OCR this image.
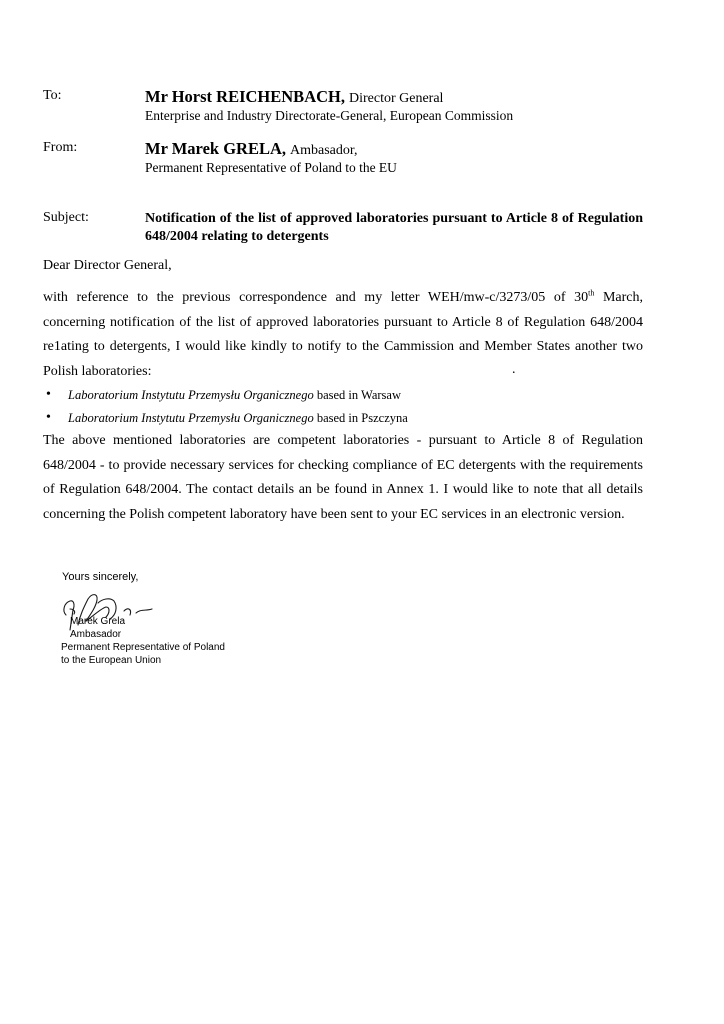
To:	Mr Horst REICHENBACH, Director General
Enterprise and Industry Directorate-General, European Commission
From:	Mr Marek GRELA, Ambasador,
Permanent Representative of Poland to the EU
Subject:	Notification of the list of approved laboratories pursuant to Article 8 of Regulation 648/2004 relating to detergents
Dear Director General,
with reference to the previous correspondence and my letter WEH/mw-c/3273/05 of 30th March, concerning notification of the list of approved laboratories pursuant to Article 8 of Regulation 648/2004 re1ating to detergents, I would like kindly to notify to the Cammission and Member States another two Polish laboratories:	.
• Laboratorium Instytutu Przemysłu Organicznego based in Warsaw
• Laboratorium Instytutu Przemysłu Organicznego based in Pszczyna
The above mentioned laboratories are competent laboratories - pursuant to Article 8 of Regulation 648/2004 - to provide necessary services for checking compliance of EC detergents with the requirements of Regulation 648/2004. The contact details an be found in Annex 1. I would like to note that all details concerning the Polish competent laboratory have been sent to your EC services in an electronic version.
Yours sincerely,
Marek Grela
Ambasador
Permanent Representative of Poland
to the European Union
